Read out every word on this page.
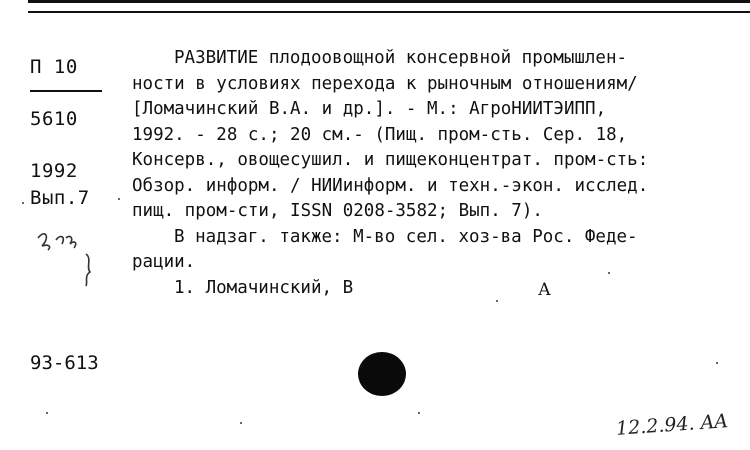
П 10
5610
1992
Вып.7
РАЗВИТИЕ плодоовощной консервной промышлен-
ности в условиях перехода к рыночным отношениям/
[Ломачинский В.А. и др.]. - М.: АгроНИИТЭИПП,
1992. - 28 с.; 20 см.- (Пищ. пром-сть. Сер. 18,
Консерв., овощесушил. и пищеконцентрат. пром-сть:
Обзор. информ. / НИИинформ. и техн.-экон. исслед.
пищ. пром-сти, ISSN 0208-3582; Вып. 7).
В надзаг. также: М-во сел. хоз-ва Рос. Феде-
рации.
1. Ломачинский, В	А
93-613
12.2.94. AA
